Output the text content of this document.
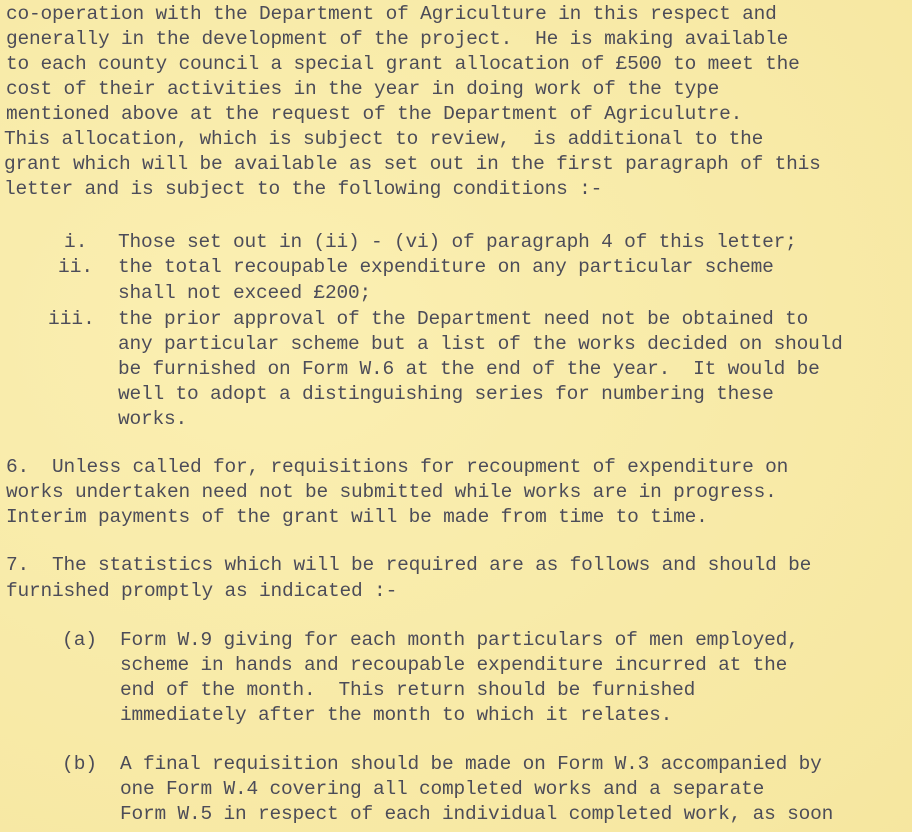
co-operation with the Department of Agriculture in this respect and
generally in the development of the project.  He is making available
to each county council a special grant allocation of £500 to meet the
cost of their activities in the year in doing work of the type
mentioned above at the request of the Department of Agriculutre.
This allocation, which is subject to review,  is additional to the
grant which will be available as set out in the first paragraph of this
letter and is subject to the following conditions :-
i. Those set out in (ii) - (vi) of paragraph 4 of this letter;
ii. the total recoupable expenditure on any particular scheme
shall not exceed £200;
iii. the prior approval of the Department need not be obtained to
any particular scheme but a list of the works decided on should
be furnished on Form W.6 at the end of the year.  It would be
well to adopt a distinguishing series for numbering these
works.
6.  Unless called for, requisitions for recoupment of expenditure on
works undertaken need not be submitted while works are in progress.
Interim payments of the grant will be made from time to time.
7.  The statistics which will be required are as follows and should be
furnished promptly as indicated :-
(a) Form W.9 giving for each month particulars of men employed,
scheme in hands and recoupable expenditure incurred at the
end of the month.  This return should be furnished
immediately after the month to which it relates.
(b) A final requisition should be made on Form W.3 accompanied by
one Form W.4 covering all completed works and a separate
Form W.5 in respect of each individual completed work, as soon
